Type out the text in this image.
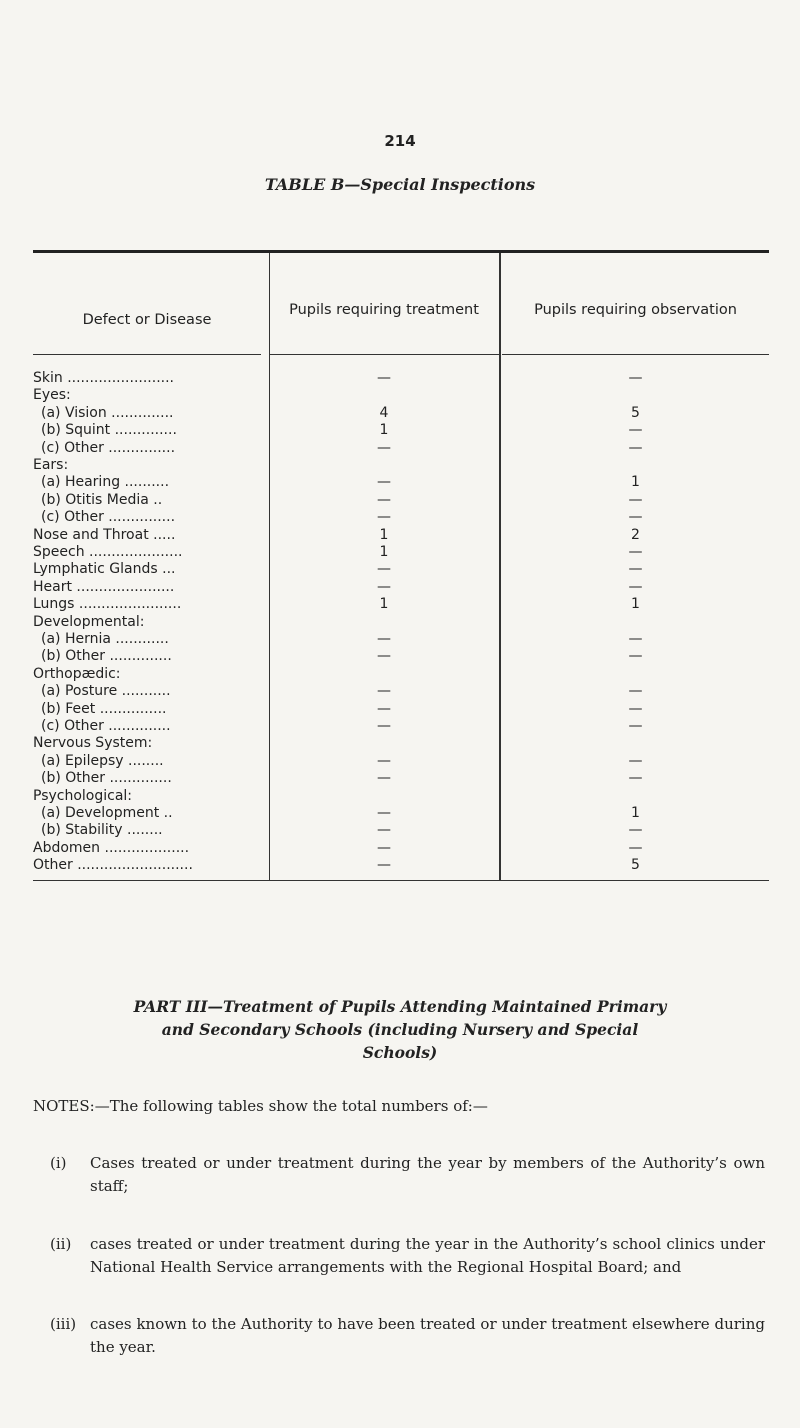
214
TABLE B—Special Inspections
Defect or Disease
Pupils requiring treatment	Pupils requiring observation
Skin ........................	—	—
Eyes:
(a) Vision ..............	4	5
(b) Squint ..............	1	—
(c) Other ...............	—	—
Ears:
(a) Hearing ..........	—	1
(b) Otitis Media ..	—	—
(c) Other ...............	—	—
Nose and Throat .....	1	2
Speech .....................	1	—
Lymphatic Glands ...	—	—
Heart ......................	—	—
Lungs .......................	1	1
Developmental:
(a) Hernia ............	—	—
(b) Other ..............	—	—
Orthopædic:
(a) Posture ...........	—	—
(b) Feet ...............	—	—
(c) Other ..............	—	—
Nervous System:
(a) Epilepsy ........	—	—
(b) Other ..............	—	—
Psychological:
(a) Development ..	—	1
(b) Stability ........	—	—
Abdomen ...................	—	—
Other ..........................	—	5
PART III—Treatment of Pupils Attending Maintained Primary and Secondary Schools (including Nursery and Special Schools)
NOTES:—The following tables show the total numbers of:—
(i) Cases treated or under treatment during the year by members of the Authority’s own staff;
(ii) cases treated or under treatment during the year in the Authority’s school clinics under National Health Service arrangements with the Regional Hospital Board; and
(iii) cases known to the Authority to have been treated or under treatment elsewhere during the year.
